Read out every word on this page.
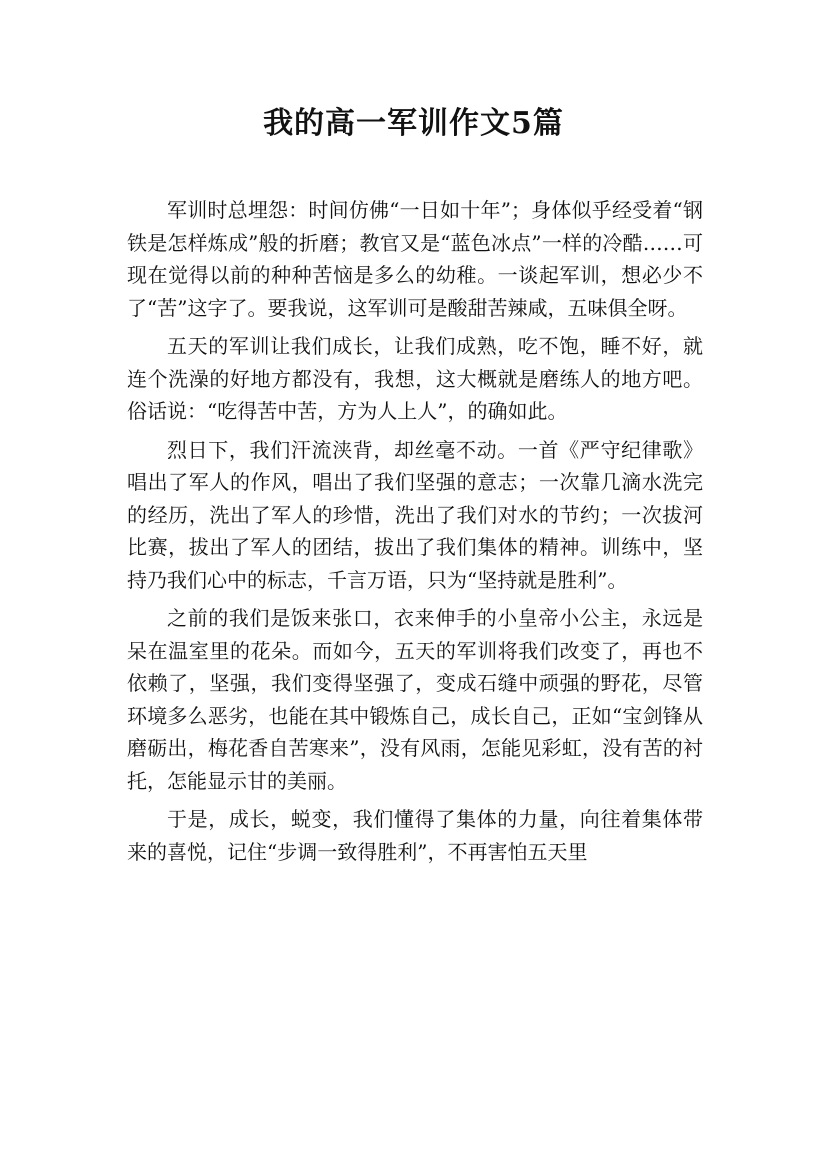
我的高一军训作文5篇

军训时总埋怨：时间仿佛“一日如十年”；身体似乎经受着“钢铁是怎样炼成”般的折磨；教官又是“蓝色冰点”一样的冷酷……可现在觉得以前的种种苦恼是多么的幼稚。一谈起军训，想必少不了“苦”这字了。要我说，这军训可是酸甜苦辣咸，五味俱全呀。

五天的军训让我们成长，让我们成熟，吃不饱，睡不好，就连个洗澡的好地方都没有，我想，这大概就是磨练人的地方吧。俗话说：“吃得苦中苦，方为人上人”，的确如此。

烈日下，我们汗流浃背，却丝毫不动。一首《严守纪律歌》唱出了军人的作风，唱出了我们坚强的意志；一次靠几滴水洗完的经历，洗出了军人的珍惜，洗出了我们对水的节约；一次拔河比赛，拔出了军人的团结，拔出了我们集体的精神。训练中，坚持乃我们心中的标志，千言万语，只为“坚持就是胜利”。

之前的我们是饭来张口，衣来伸手的小皇帝小公主，永远是呆在温室里的花朵。而如今，五天的军训将我们改变了，再也不依赖了，坚强，我们变得坚强了，变成石缝中顽强的野花，尽管环境多么恶劣，也能在其中锻炼自己，成长自己，正如“宝剑锋从磨砺出，梅花香自苦寒来”，没有风雨，怎能见彩虹，没有苦的衬托，怎能显示甘的美丽。

于是，成长，蜕变，我们懂得了集体的力量，向往着集体带来的喜悦，记住“步调一致得胜利”，不再害怕五天里
